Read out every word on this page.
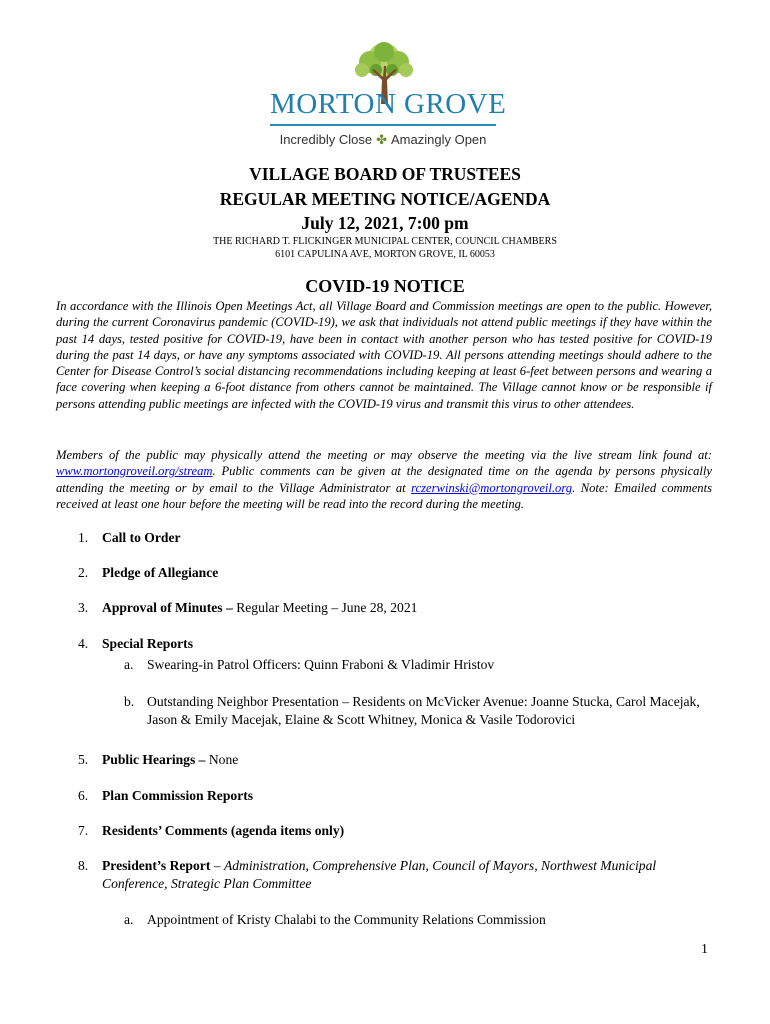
MORTON GROVE
Incredibly Close ✤ Amazingly Open
VILLAGE BOARD OF TRUSTEES
REGULAR MEETING NOTICE/AGENDA
July 12, 2021, 7:00 pm
THE RICHARD T. FLICKINGER MUNICIPAL CENTER, COUNCIL CHAMBERS
6101 CAPULINA AVE, MORTON GROVE, IL 60053
COVID-19 NOTICE
In accordance with the Illinois Open Meetings Act, all Village Board and Commission meetings are open to the public. However, during the current Coronavirus pandemic (COVID-19), we ask that individuals not attend public meetings if they have within the past 14 days, tested positive for COVID-19, have been in contact with another person who has tested positive for COVID-19 during the past 14 days, or have any symptoms associated with COVID-19. All persons attending meetings should adhere to the Center for Disease Control’s social distancing recommendations including keeping at least 6-feet between persons and wearing a face covering when keeping a 6-foot distance from others cannot be maintained. The Village cannot know or be responsible if persons attending public meetings are infected with the COVID-19 virus and transmit this virus to other attendees.
Members of the public may physically attend the meeting or may observe the meeting via the live stream link found at: www.mortongroveil.org/stream. Public comments can be given at the designated time on the agenda by persons physically attending the meeting or by email to the Village Administrator at rczerwinski@mortongroveil.org. Note: Emailed comments received at least one hour before the meeting will be read into the record during the meeting.
1. Call to Order
2. Pledge of Allegiance
3. Approval of Minutes – Regular Meeting – June 28, 2021
4. Special Reports
a. Swearing-in Patrol Officers: Quinn Fraboni & Vladimir Hristov
b. Outstanding Neighbor Presentation – Residents on McVicker Avenue: Joanne Stucka, Carol Macejak, Jason & Emily Macejak, Elaine & Scott Whitney, Monica & Vasile Todorovici
5. Public Hearings – None
6. Plan Commission Reports
7. Residents’ Comments (agenda items only)
8. President’s Report – Administration, Comprehensive Plan, Council of Mayors, Northwest Municipal Conference, Strategic Plan Committee
a. Appointment of Kristy Chalabi to the Community Relations Commission
1
